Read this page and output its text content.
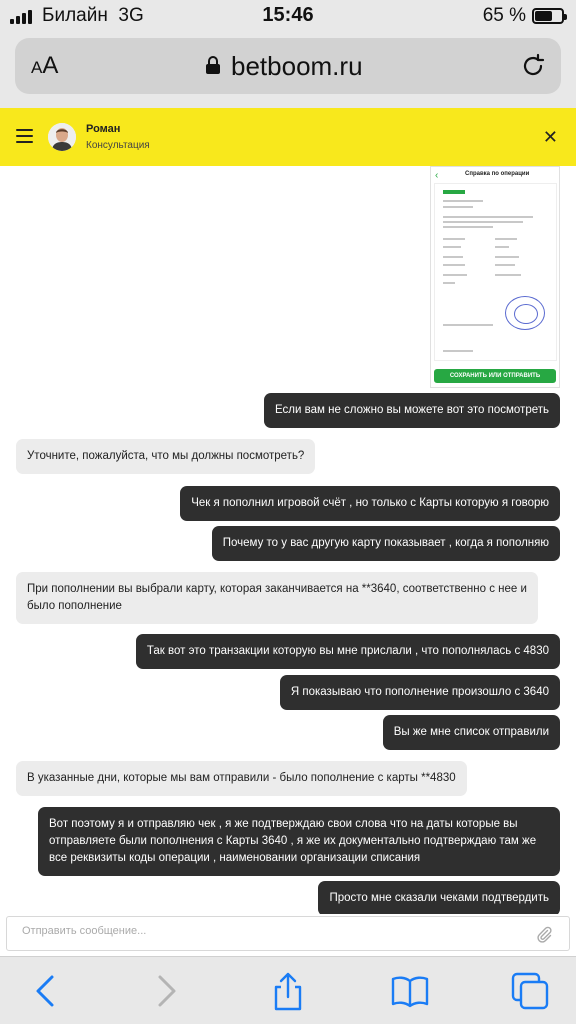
Билайн 3G	15:46	65 %
AA	betboom.ru
Роман
Консультация	✕
‹	Справка по операции
СОХРАНИТЬ ИЛИ ОТПРАВИТЬ
Если вам не сложно вы можете вот это посмотреть
Уточните, пожалуйста, что мы должны посмотреть?
Чек я пополнил игровой счёт , но только с Карты которую я говорю
Почему то у вас другую карту показывает , когда я пополняю
При пополнении вы выбрали карту, которая заканчивается на **3640, соответственно с нее и было пополнение
Так вот это транзакции которую вы мне прислали , что пополнялась с 4830
Я показываю что пополнение произошло с 3640
Вы же мне список отправили
В указанные дни, которые мы вам отправили - было пополнение с карты **4830
Вот поэтому я и отправляю чек , я же подтверждаю свои слова что на даты которые вы отправляете были пополнения с Карты 3640 , я же их документально подтверждаю там же все реквизиты коды операции , наименовании организации списания
Просто мне сказали чеками подтвердить
Отправить сообщение...
